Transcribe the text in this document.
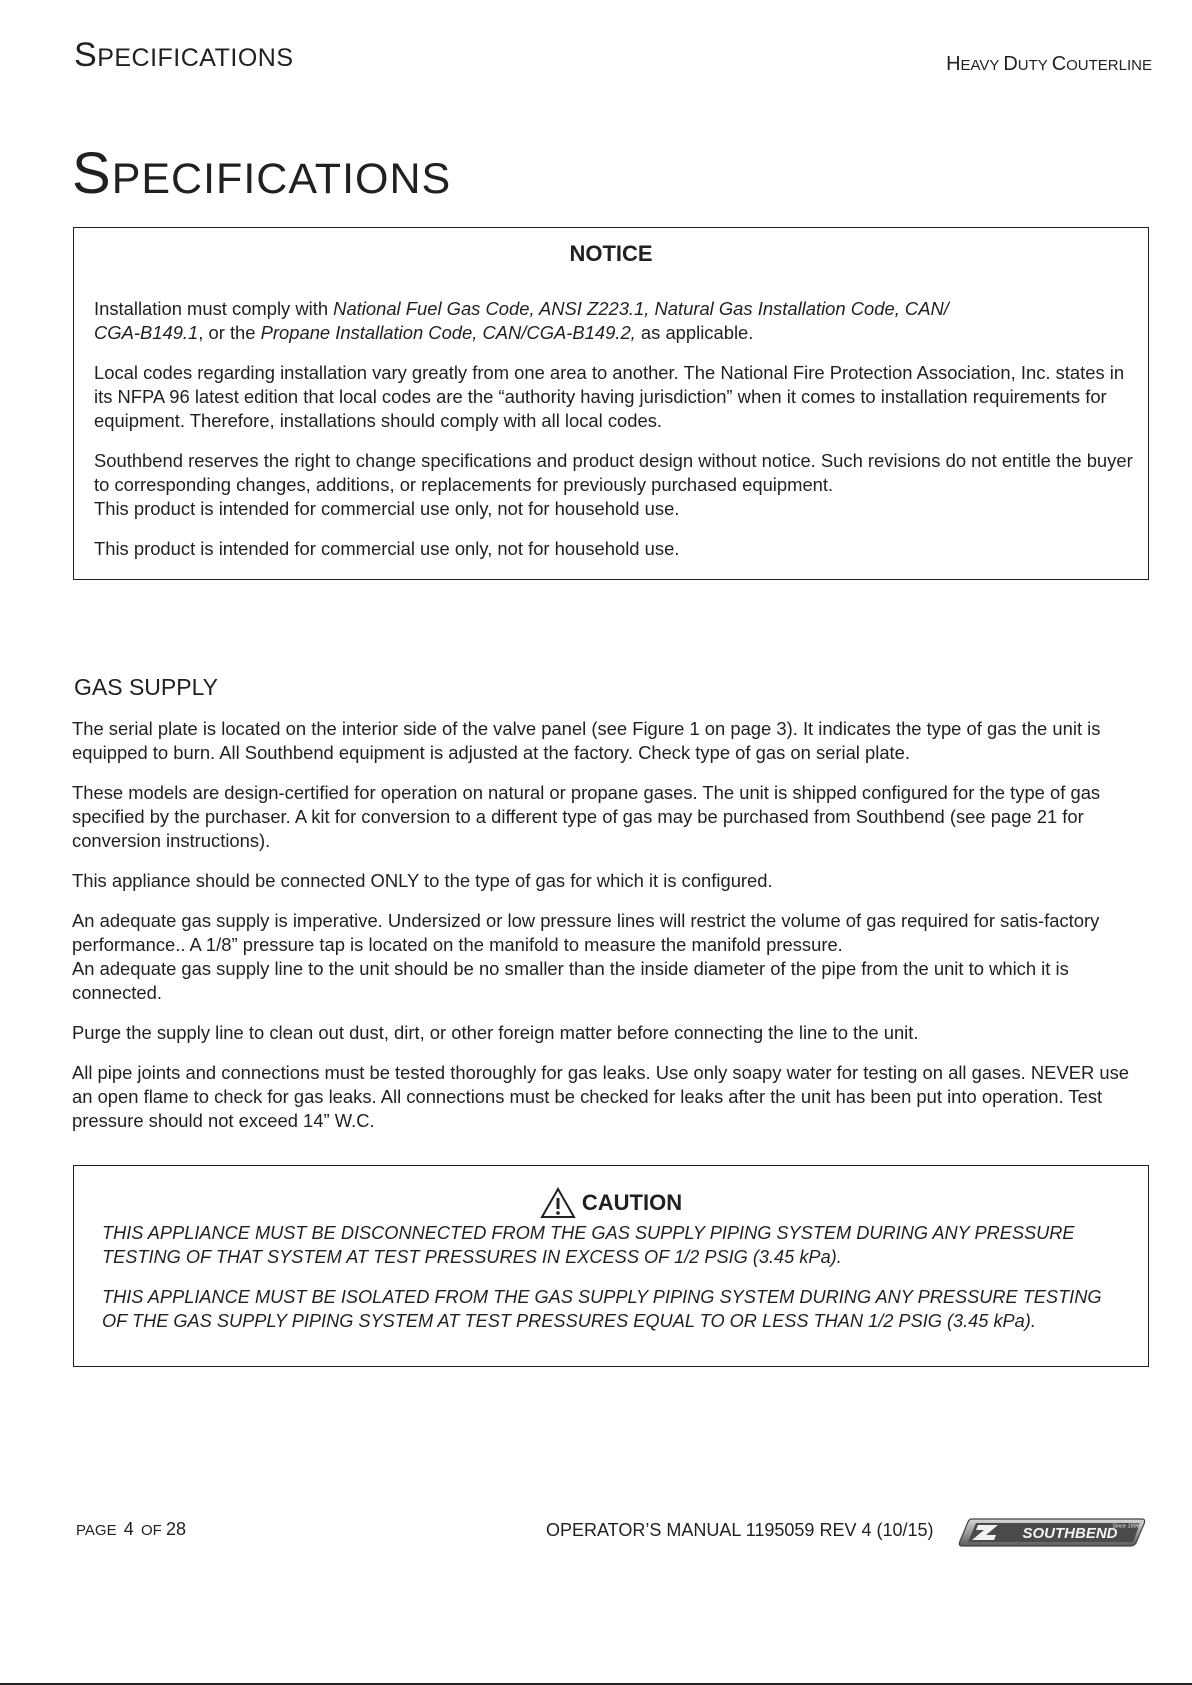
SPECIFICATIONS	HEAVY DUTY COUTERLINE
SPECIFICATIONS
NOTICE

Installation must comply with National Fuel Gas Code, ANSI Z223.1, Natural Gas Installation Code, CAN/
CGA-B149.1, or the Propane Installation Code, CAN/CGA-B149.2, as applicable.

Local codes regarding installation vary greatly from one area to another. The National Fire Protection Association, Inc. states in its NFPA 96 latest edition that local codes are the “authority having jurisdiction” when it comes to installation requirements for equipment. Therefore, installations should comply with all local codes.

Southbend reserves the right to change specifications and product design without notice. Such revisions do not entitle the buyer to corresponding changes, additions, or replacements for previously purchased equipment.
This product is intended for commercial use only, not for household use.

This product is intended for commercial use only, not for household use.

GAS SUPPLY

The serial plate is located on the interior side of the valve panel (see Figure 1 on page 3). It indicates the type of gas the unit is equipped to burn. All Southbend equipment is adjusted at the factory. Check type of gas on serial plate.

These models are design-certified for operation on natural or propane gases. The unit is shipped configured for the type of gas specified by the purchaser. A kit for conversion to a different type of gas may be purchased from Southbend (see page 21 for conversion instructions).

This appliance should be connected ONLY to the type of gas for which it is configured.

An adequate gas supply is imperative. Undersized or low pressure lines will restrict the volume of gas required for satis-factory performance.. A 1/8” pressure tap is located on the manifold to measure the manifold pressure.
An adequate gas supply line to the unit should be no smaller than the inside diameter of the pipe from the unit to which it is connected.

Purge the supply line to clean out dust, dirt, or other foreign matter before connecting the line to the unit.

All pipe joints and connections must be tested thoroughly for gas leaks. Use only soapy water for testing on all gases. NEVER use an open flame to check for gas leaks. All connections must be checked for leaks after the unit has been put into operation. Test pressure should not exceed 14” W.C.

CAUTION

THIS APPLIANCE MUST BE DISCONNECTED FROM THE GAS SUPPLY PIPING SYSTEM DURING ANY PRESSURE TESTING OF THAT SYSTEM AT TEST PRESSURES IN EXCESS OF 1/2 PSIG (3.45 kPa).

THIS APPLIANCE MUST BE ISOLATED FROM THE GAS SUPPLY PIPING SYSTEM DURING ANY PRESSURE TESTING OF THE GAS SUPPLY PIPING SYSTEM AT TEST PRESSURES EQUAL TO OR LESS THAN 1/2 PSIG (3.45 kPa).

PAGE 4 OF 28	OPERATOR’S MANUAL 1195059 REV 4 (10/15)	SOUTHBEND
Since 1898
